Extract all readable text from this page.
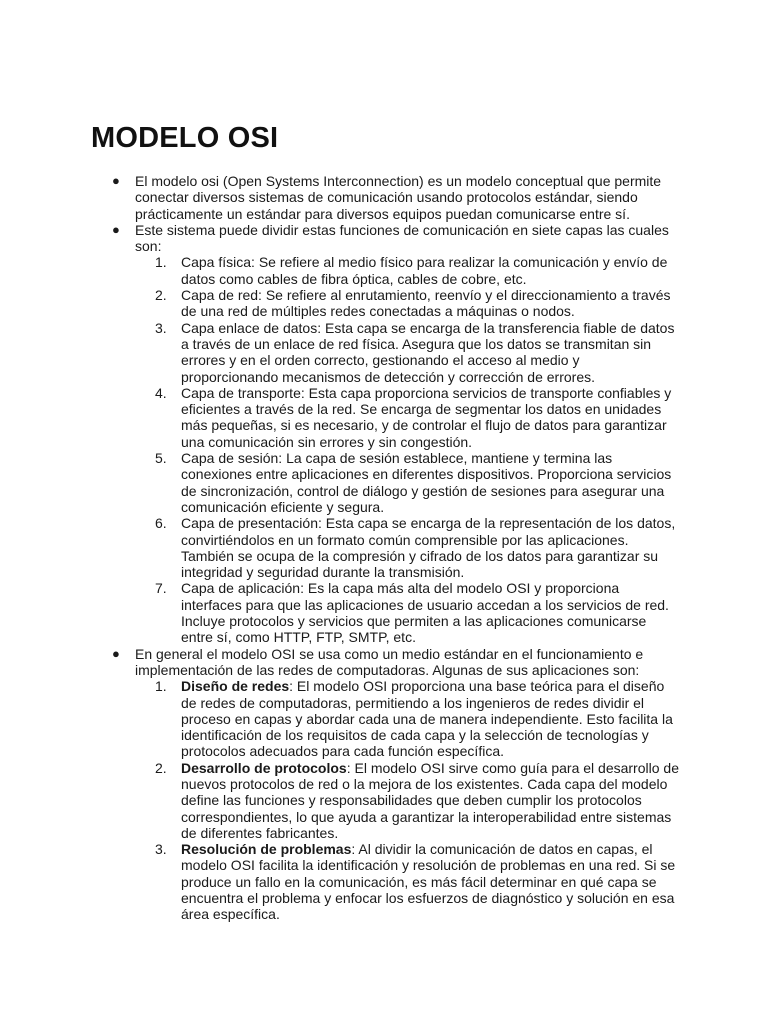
MODELO OSI
● El modelo osi (Open Systems Interconnection) es un modelo conceptual que permite conectar diversos sistemas de comunicación usando protocolos estándar, siendo prácticamente un estándar para diversos equipos puedan comunicarse entre sí.
● Este sistema puede dividir estas funciones de comunicación en siete capas las cuales son:
1.	Capa física: Se refiere al medio físico para realizar la comunicación y envío de datos como cables de fibra óptica, cables de cobre, etc.
2.	Capa de red: Se refiere al enrutamiento, reenvío y el direccionamiento a través de una red de múltiples redes conectadas a máquinas o nodos.
3.	Capa enlace de datos: Esta capa se encarga de la transferencia fiable de datos a través de un enlace de red física. Asegura que los datos se transmitan sin errores y en el orden correcto, gestionando el acceso al medio y proporcionando mecanismos de detección y corrección de errores.
4.	Capa de transporte: Esta capa proporciona servicios de transporte confiables y eficientes a través de la red. Se encarga de segmentar los datos en unidades más pequeñas, si es necesario, y de controlar el flujo de datos para garantizar una comunicación sin errores y sin congestión.
5.	Capa de sesión: La capa de sesión establece, mantiene y termina las conexiones entre aplicaciones en diferentes dispositivos. Proporciona servicios de sincronización, control de diálogo y gestión de sesiones para asegurar una comunicación eficiente y segura.
6.	Capa de presentación: Esta capa se encarga de la representación de los datos, convirtiéndolos en un formato común comprensible por las aplicaciones. También se ocupa de la compresión y cifrado de los datos para garantizar su integridad y seguridad durante la transmisión.
7.	Capa de aplicación: Es la capa más alta del modelo OSI y proporciona interfaces para que las aplicaciones de usuario accedan a los servicios de red. Incluye protocolos y servicios que permiten a las aplicaciones comunicarse entre sí, como HTTP, FTP, SMTP, etc.
● En general el modelo OSI se usa como un medio estándar en el funcionamiento e implementación de las redes de computadoras. Algunas de sus aplicaciones son:
1.	Diseño de redes: El modelo OSI proporciona una base teórica para el diseño de redes de computadoras, permitiendo a los ingenieros de redes dividir el proceso en capas y abordar cada una de manera independiente. Esto facilita la identificación de los requisitos de cada capa y la selección de tecnologías y protocolos adecuados para cada función específica.
2.	Desarrollo de protocolos: El modelo OSI sirve como guía para el desarrollo de nuevos protocolos de red o la mejora de los existentes. Cada capa del modelo define las funciones y responsabilidades que deben cumplir los protocolos correspondientes, lo que ayuda a garantizar la interoperabilidad entre sistemas de diferentes fabricantes.
3.	Resolución de problemas: Al dividir la comunicación de datos en capas, el modelo OSI facilita la identificación y resolución de problemas en una red. Si se produce un fallo en la comunicación, es más fácil determinar en qué capa se encuentra el problema y enfocar los esfuerzos de diagnóstico y solución en esa área específica.
